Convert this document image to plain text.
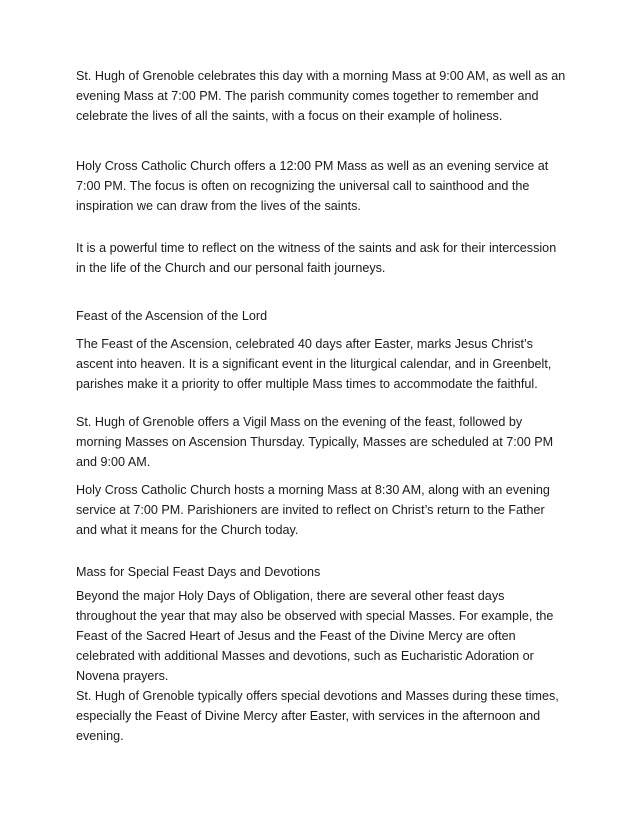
St. Hugh of Grenoble celebrates this day with a morning Mass at 9:00 AM, as well as an evening Mass at 7:00 PM. The parish community comes together to remember and celebrate the lives of all the saints, with a focus on their example of holiness.

Holy Cross Catholic Church offers a 12:00 PM Mass as well as an evening service at 7:00 PM. The focus is often on recognizing the universal call to sainthood and the inspiration we can draw from the lives of the saints.

It is a powerful time to reflect on the witness of the saints and ask for their intercession in the life of the Church and our personal faith journeys.

Feast of the Ascension of the Lord

The Feast of the Ascension, celebrated 40 days after Easter, marks Jesus Christ’s ascent into heaven. It is a significant event in the liturgical calendar, and in Greenbelt, parishes make it a priority to offer multiple Mass times to accommodate the faithful.

St. Hugh of Grenoble offers a Vigil Mass on the evening of the feast, followed by morning Masses on Ascension Thursday. Typically, Masses are scheduled at 7:00 PM and 9:00 AM.

Holy Cross Catholic Church hosts a morning Mass at 8:30 AM, along with an evening service at 7:00 PM. Parishioners are invited to reflect on Christ’s return to the Father and what it means for the Church today.

Mass for Special Feast Days and Devotions

Beyond the major Holy Days of Obligation, there are several other feast days throughout the year that may also be observed with special Masses. For example, the Feast of the Sacred Heart of Jesus and the Feast of the Divine Mercy are often celebrated with additional Masses and devotions, such as Eucharistic Adoration or Novena prayers.

St. Hugh of Grenoble typically offers special devotions and Masses during these times, especially the Feast of Divine Mercy after Easter, with services in the afternoon and evening.
